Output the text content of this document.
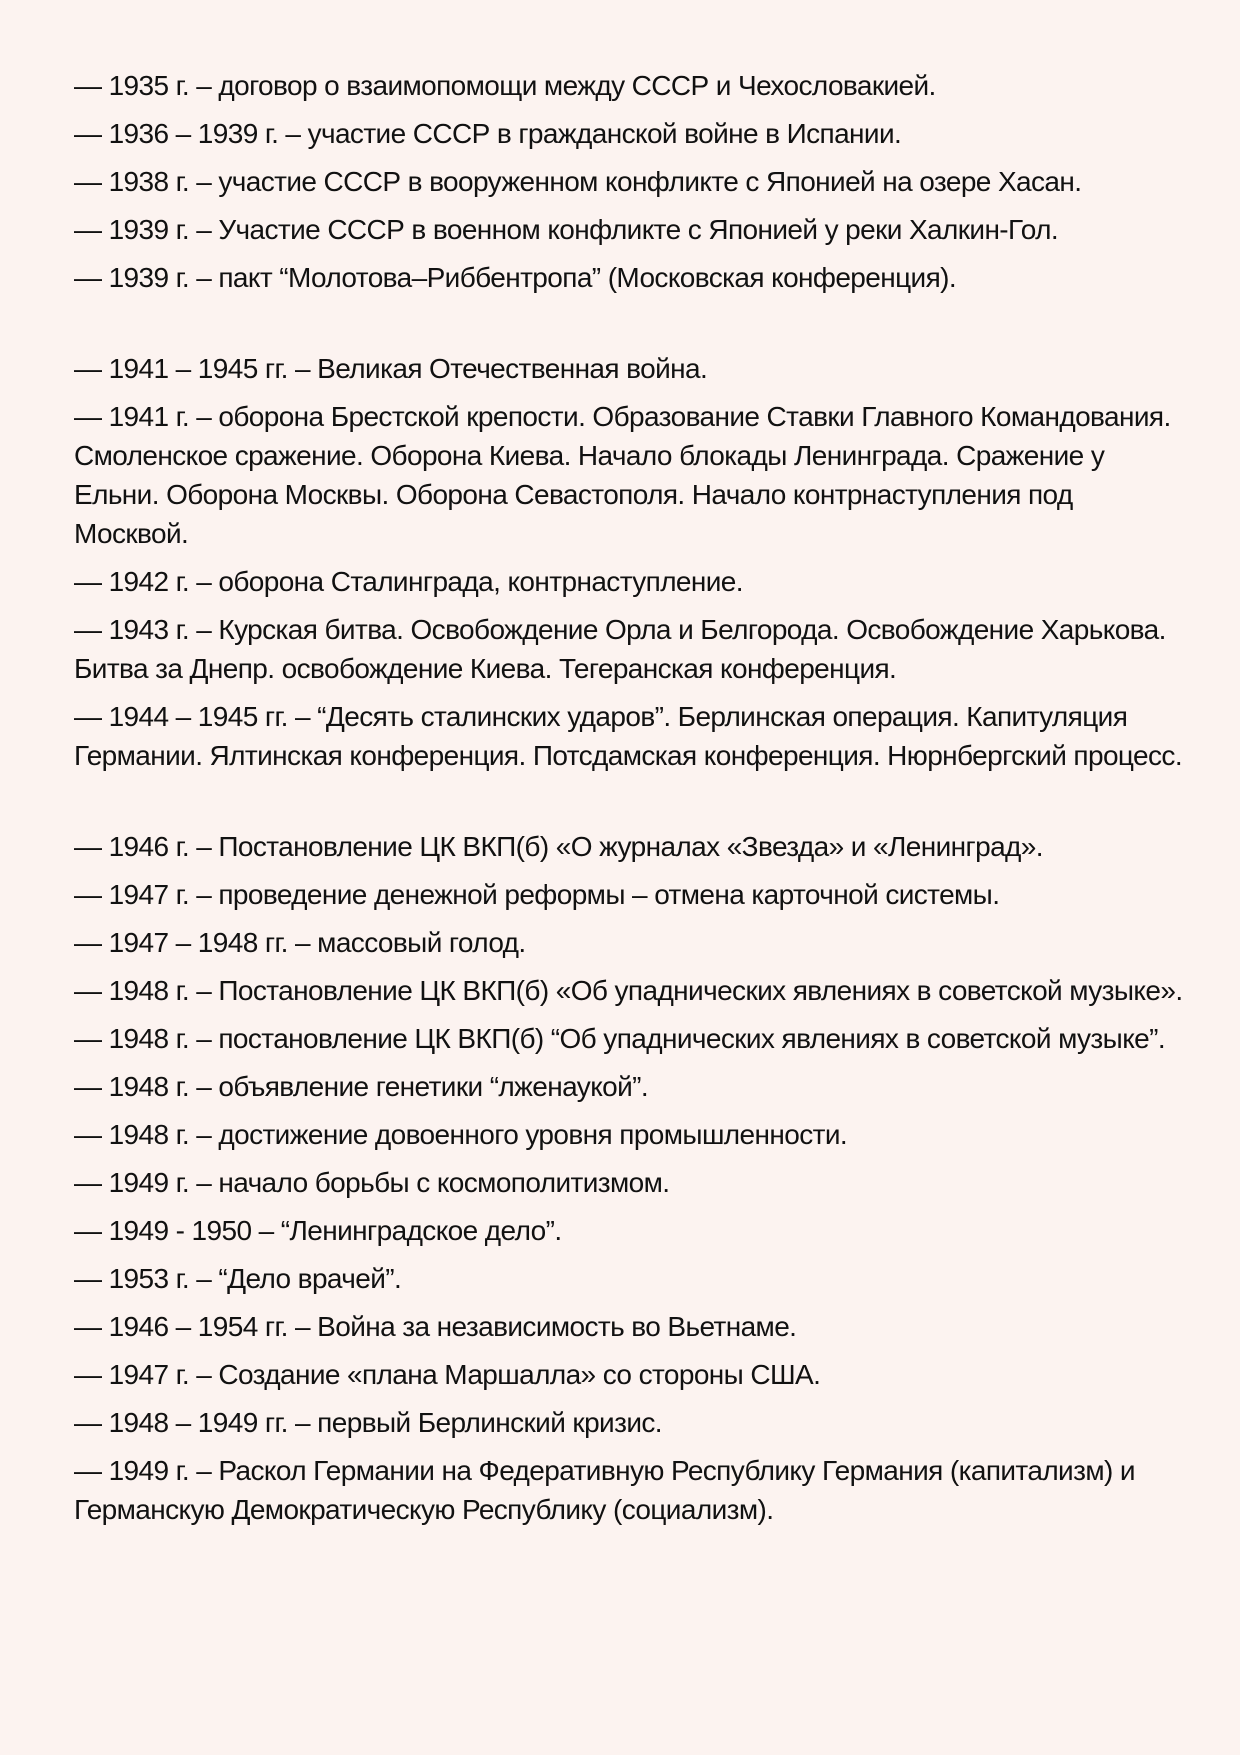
— 1935 г. – договор о взаимопомощи между СССР и Чехословакией.

— 1936 – 1939 г. – участие СССР в гражданской войне в Испании.

— 1938 г. – участие СССР в вооруженном конфликте с Японией на озере Хасан.

— 1939 г. – Участие СССР в военном конфликте с Японией у реки Халкин-Гол.

— 1939 г. – пакт “Молотова–Риббентропа” (Московская конференция).

— 1941 – 1945 гг. – Великая Отечественная война.

— 1941 г. – оборона Брестской крепости. Образование Ставки Главного Командования. Смоленское сражение. Оборона Киева. Начало блокады Ленинграда. Сражение у Ельни. Оборона Москвы. Оборона Севастополя. Начало контрнаступления под Москвой.

— 1942 г. – оборона Сталинграда, контрнаступление.

— 1943 г. – Курская битва. Освобождение Орла и Белгорода. Освобождение Харькова. Битва за Днепр. освобождение Киева. Тегеранская конференция.

— 1944 – 1945 гг. – “Десять сталинских ударов”. Берлинская операция. Капитуляция Германии. Ялтинская конференция. Потсдамская конференция. Нюрнбергский процесс.

— 1946 г. – Постановление ЦК ВКП(б) «О журналах «Звезда» и «Ленинград».

— 1947 г. – проведение денежной реформы – отмена карточной системы.

— 1947 – 1948 гг. – массовый голод.

— 1948 г. – Постановление ЦК ВКП(б) «Об упаднических явлениях в советской музыке».

— 1948 г. – постановление ЦК ВКП(б) “Об упаднических явлениях в советской музыке”.

— 1948 г. – объявление генетики “лженаукой”.

— 1948 г. – достижение довоенного уровня промышленности.

— 1949 г. – начало борьбы с космополитизмом.

— 1949 - 1950 – “Ленинградское дело”.

— 1953 г. – “Дело врачей”.

— 1946 – 1954 гг. – Война за независимость во Вьетнаме.

— 1947 г. – Создание «плана Маршалла» со стороны США.

— 1948 – 1949 гг. – первый Берлинский кризис.

— 1949 г. – Раскол Германии на Федеративную Республику Германия (капитализм) и Германскую Демократическую Республику (социализм).
